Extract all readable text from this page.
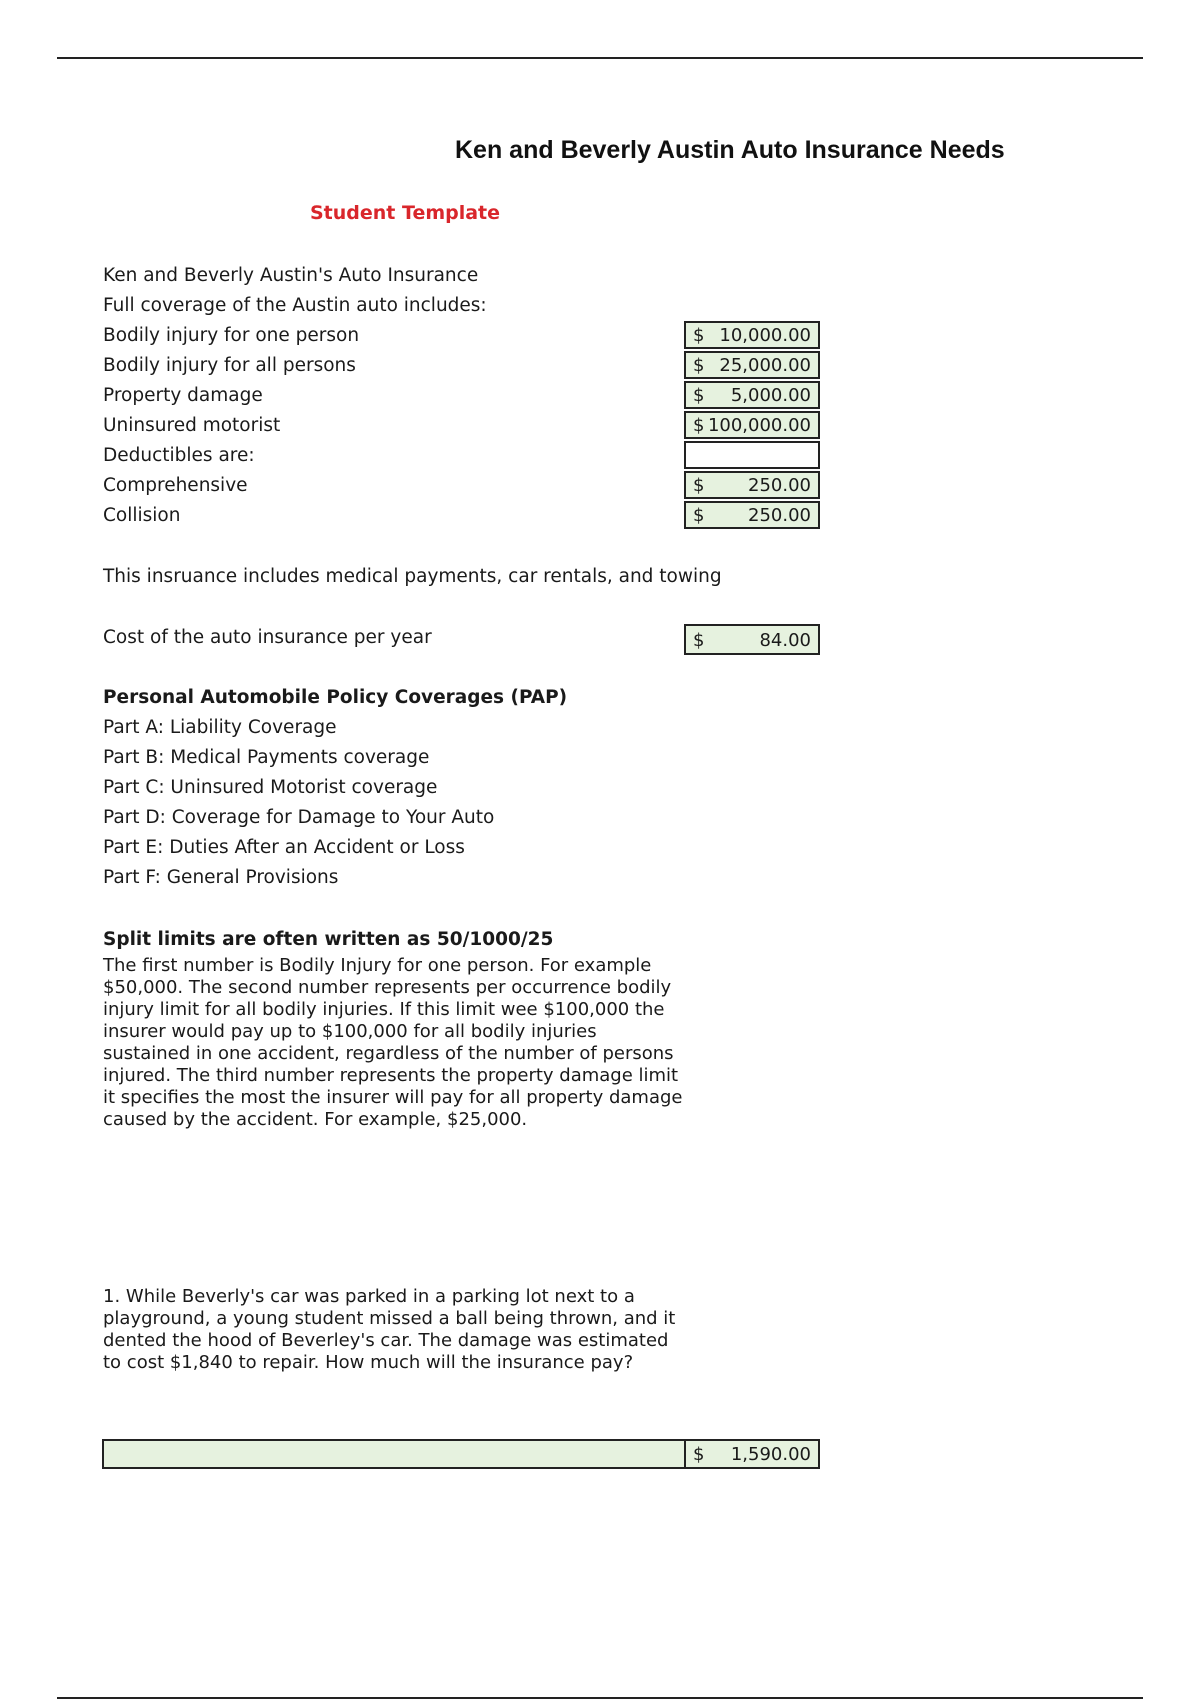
Ken and Beverly Austin Auto Insurance Needs
Student Template
Ken and Beverly Austin's Auto Insurance
Full coverage of the Austin auto includes:
Bodily injury for one person	$ 10,000.00
Bodily injury for all persons	$ 25,000.00
Property damage	$ 5,000.00
Uninsured motorist	$ 100,000.00
Deductibles are:
Comprehensive	$ 250.00
Collision	$ 250.00
This insruance includes medical payments, car rentals, and towing
Cost of the auto insurance per year	$	84.00
Personal Automobile Policy Coverages (PAP)
Part A: Liability Coverage
Part B: Medical Payments coverage
Part C: Uninsured Motorist coverage
Part D: Coverage for Damage to Your Auto
Part E: Duties After an Accident or Loss
Part F: General Provisions
Split limits are often written as 50/1000/25
The first number is Bodily Injury for one person. For example
$50,000. The second number represents per occurrence bodily
injury limit for all bodily injuries. If this limit wee $100,000 the
insurer would pay up to $100,000 for all bodily injuries
sustained in one accident, regardless of the number of persons
injured. The third number represents the property damage limit
it specifies the most the insurer will pay for all property damage
caused by the accident. For example, $25,000.
1. While Beverly's car was parked in a parking lot next to a
playground, a young student missed a ball being thrown, and it
dented the hood of Beverley's car. The damage was estimated
to cost $1,840 to repair. How much will the insurance pay?
$ 1,590.00
